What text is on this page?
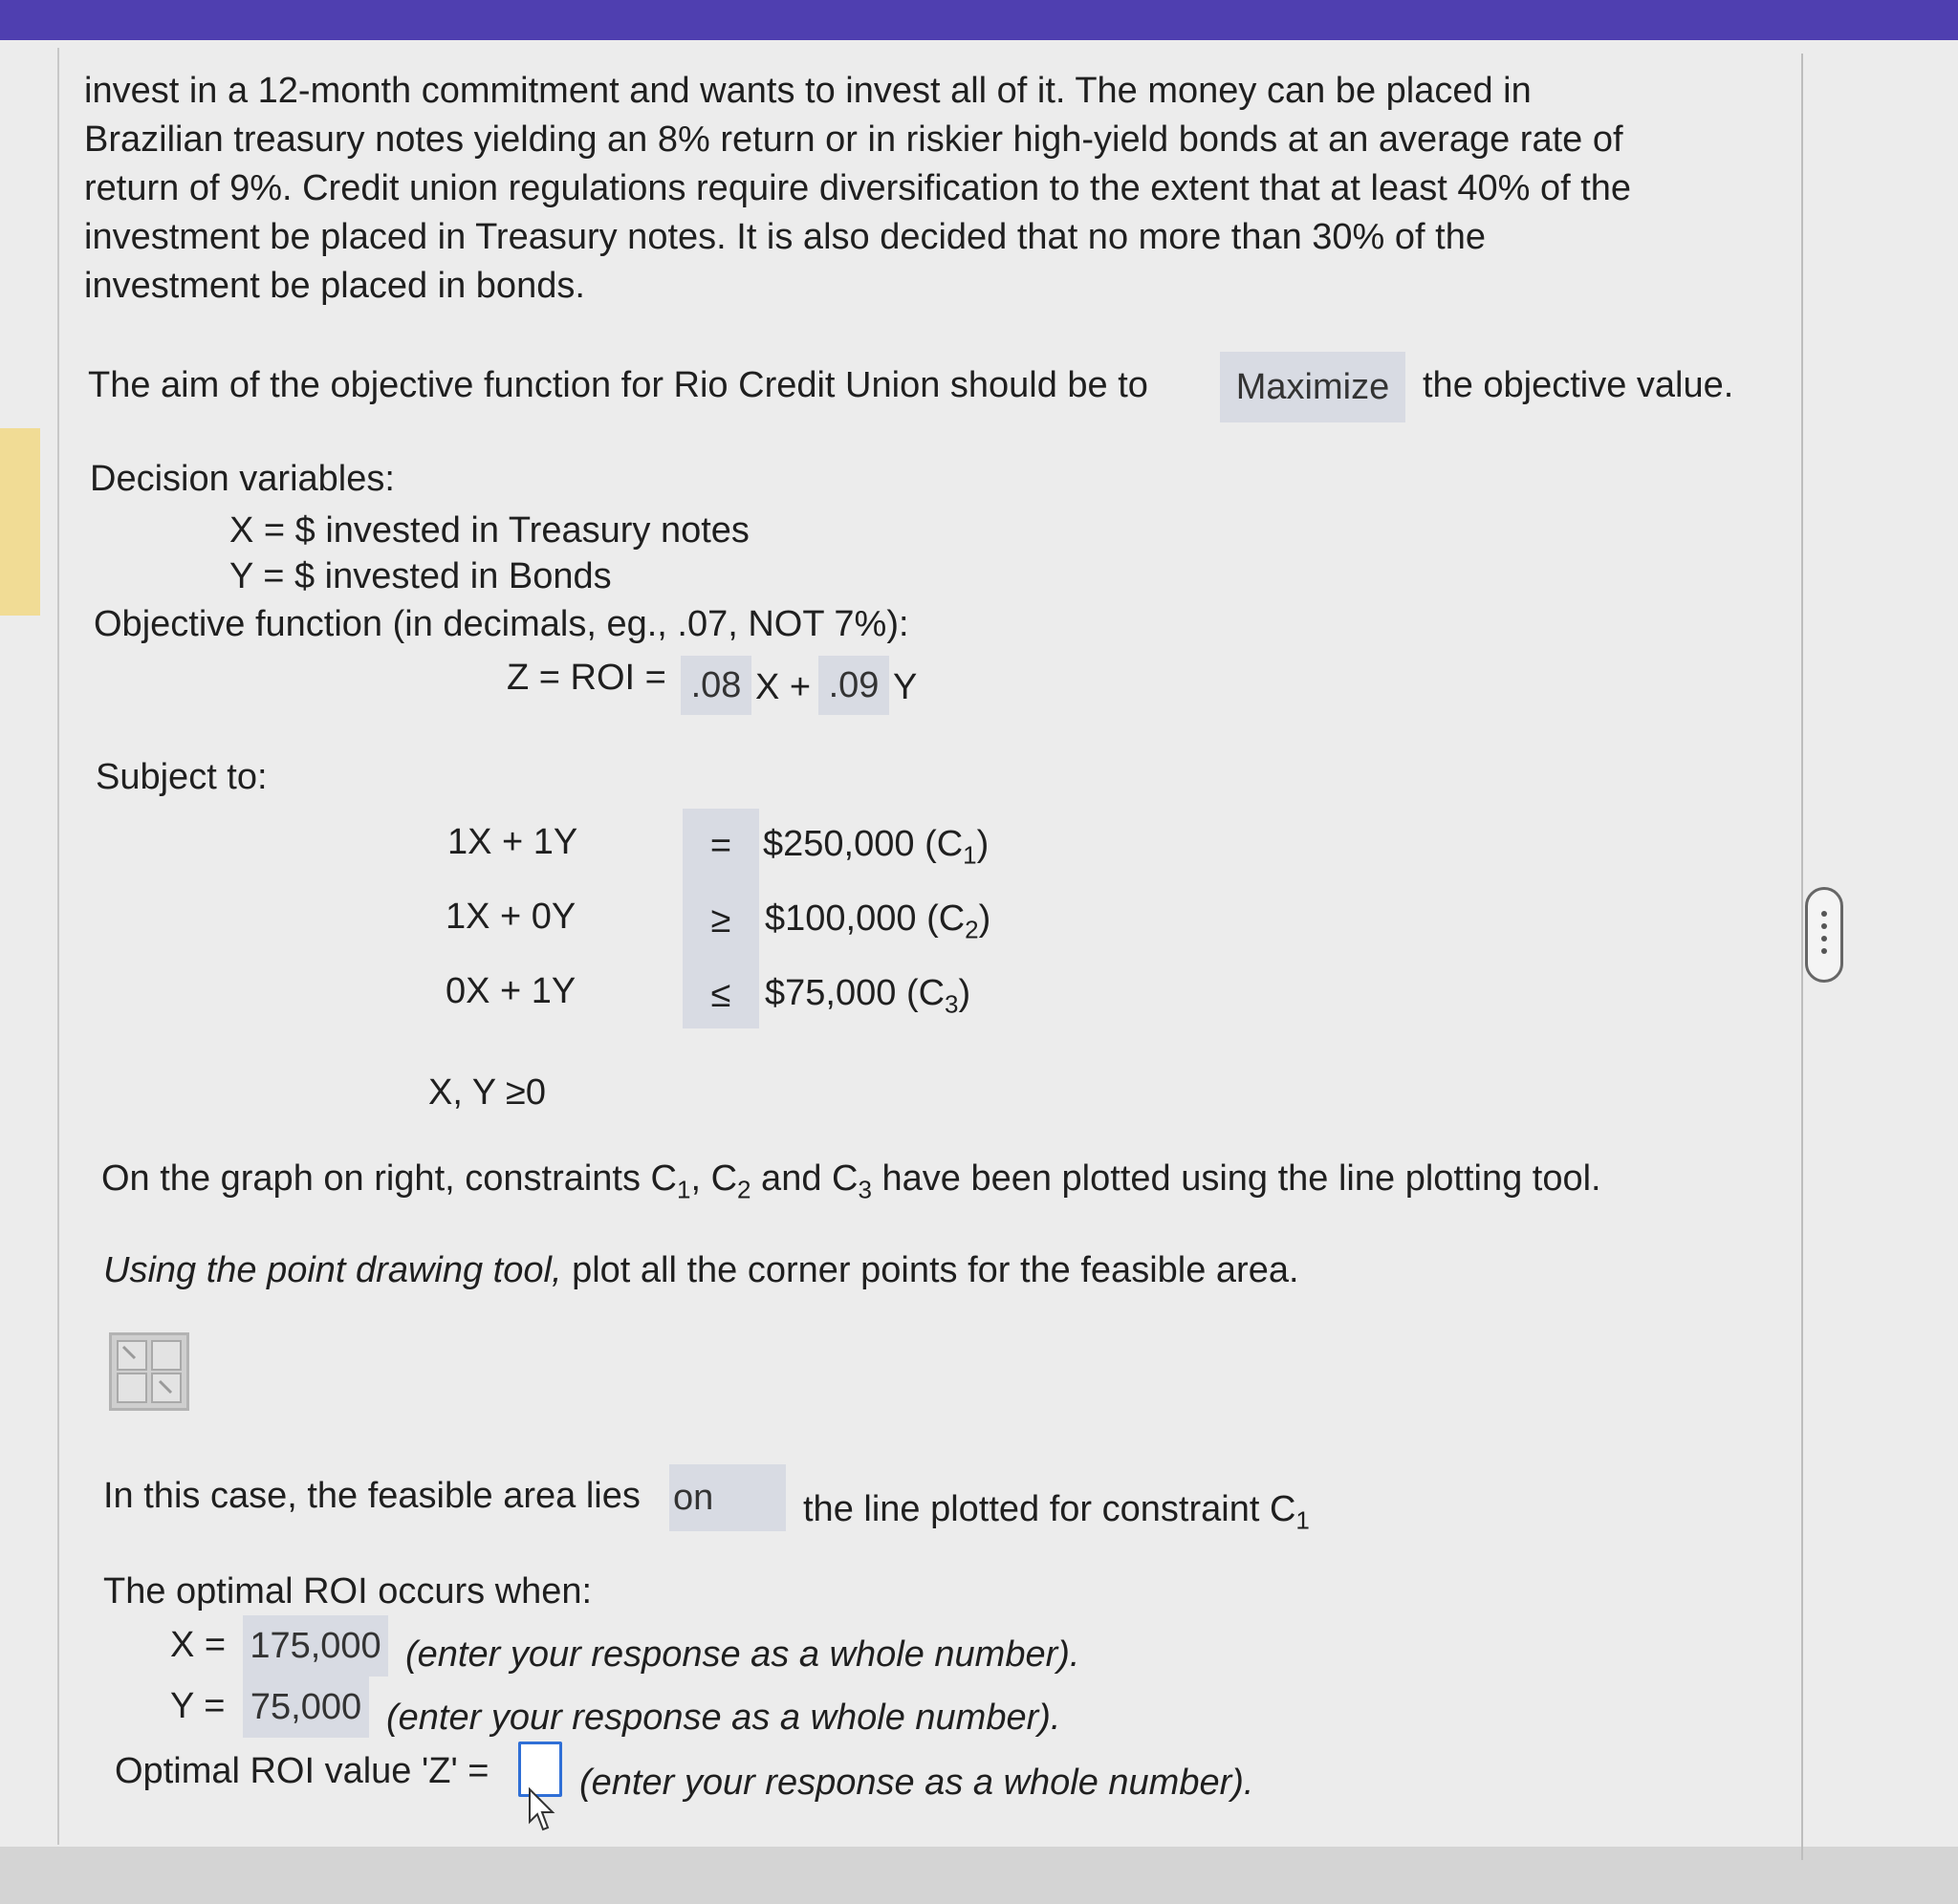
invest in a 12-month commitment and wants to invest all of it. The money can be placed in
Brazilian treasury notes yielding an 8% return or in riskier high-yield bonds at an average rate of
return of 9%. Credit union regulations require diversification to the extent that at least 40% of the
investment be placed in Treasury notes. It is also decided that no more than 30% of the
investment be placed in bonds.
The aim of the objective function for Rio Credit Union should be to Maximize the objective value.
Decision variables:
X = $ invested in Treasury notes
Y = $ invested in Bonds
Objective function (in decimals, eg., .07, NOT 7%):
Z = ROI = .08 X + .09 Y
Subject to:
1X + 1Y	= $250,000 $(C_1)$
1X + 0Y	≥ $100,000 $(C_2)$
0X + 1Y	≤ $75,000 $(C_3)$
X, Y ≥0
On the graph on right, constraints $C_1$, $C_2$ and $C_3$ have been plotted using the line plotting tool.
Using the point drawing tool, plot all the corner points for the feasible area.
In this case, the feasible area lies on the line plotted for constraint $C_1$
The optimal ROI occurs when:
X = 175,000 (enter your response as a whole number).
Y = 75,000 (enter your response as a whole number).
Optimal ROI value 'Z' = (enter your response as a whole number).
